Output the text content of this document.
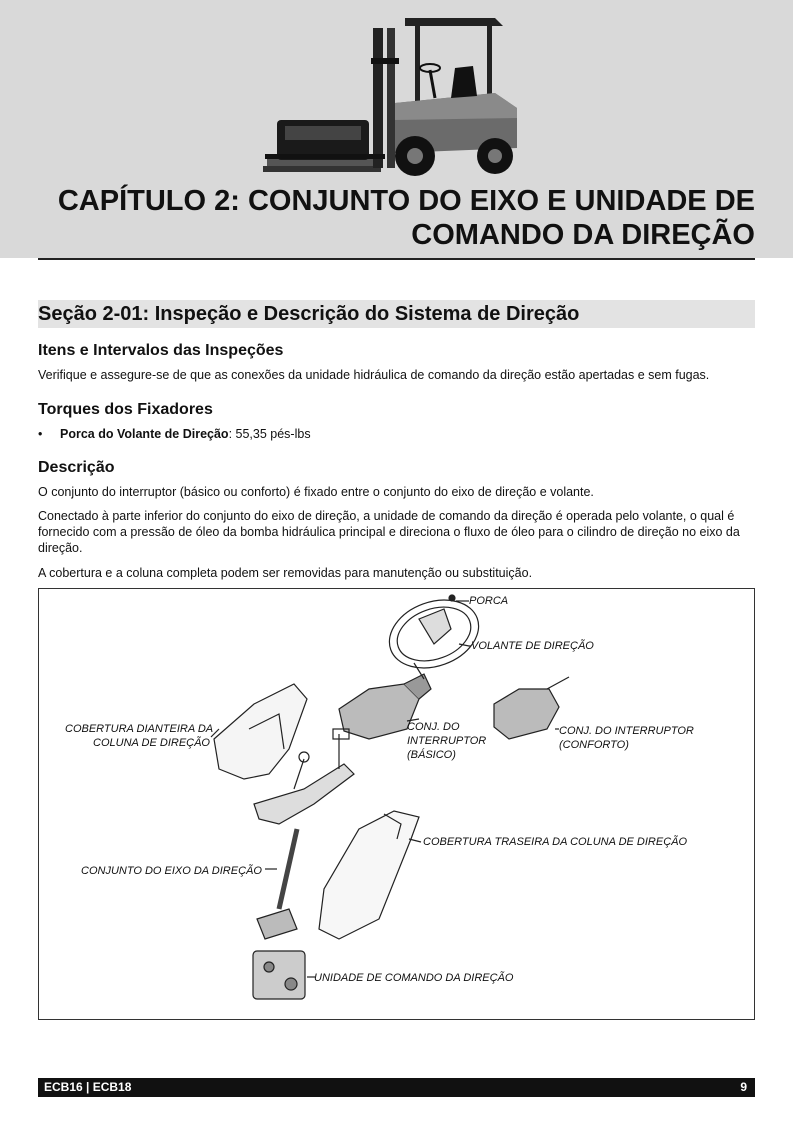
CAPÍTULO 2: CONJUNTO DO EIXO E UNIDADE DE
COMANDO DA DIREÇÃO
Seção 2-01: Inspeção e Descrição do Sistema de Direção
Itens e Intervalos das Inspeções
Verifique e assegure-se de que as conexões da unidade hidráulica de comando da direção estão apertadas e sem fugas.
Torques dos Fixadores
• Porca do Volante de Direção: 55,35 pés-lbs
Descrição
O conjunto do interruptor (básico ou conforto) é fixado entre o conjunto do eixo de direção e volante.
Conectado à parte inferior do conjunto do eixo de direção, a unidade de comando da direção é operada pelo volante, o qual é fornecido com a pressão de óleo da bomba hidráulica principal e direciona o fluxo de óleo para o cilindro de direção no eixo da direção.
A cobertura e a coluna completa podem ser removidas para manutenção ou substituição.
PORCA
VOLANTE DE DIREÇÃO
COBERTURA DIANTEIRA DA
COLUNA DE DIREÇÃO
CONJ. DO
INTERRUPTOR
(BÁSICO)
CONJ. DO INTERRUPTOR
(CONFORTO)
COBERTURA TRASEIRA DA COLUNA DE DIREÇÃO
CONJUNTO DO EIXO DA DIREÇÃO
UNIDADE DE COMANDO DA DIREÇÃO
ECB16 | ECB18	9
